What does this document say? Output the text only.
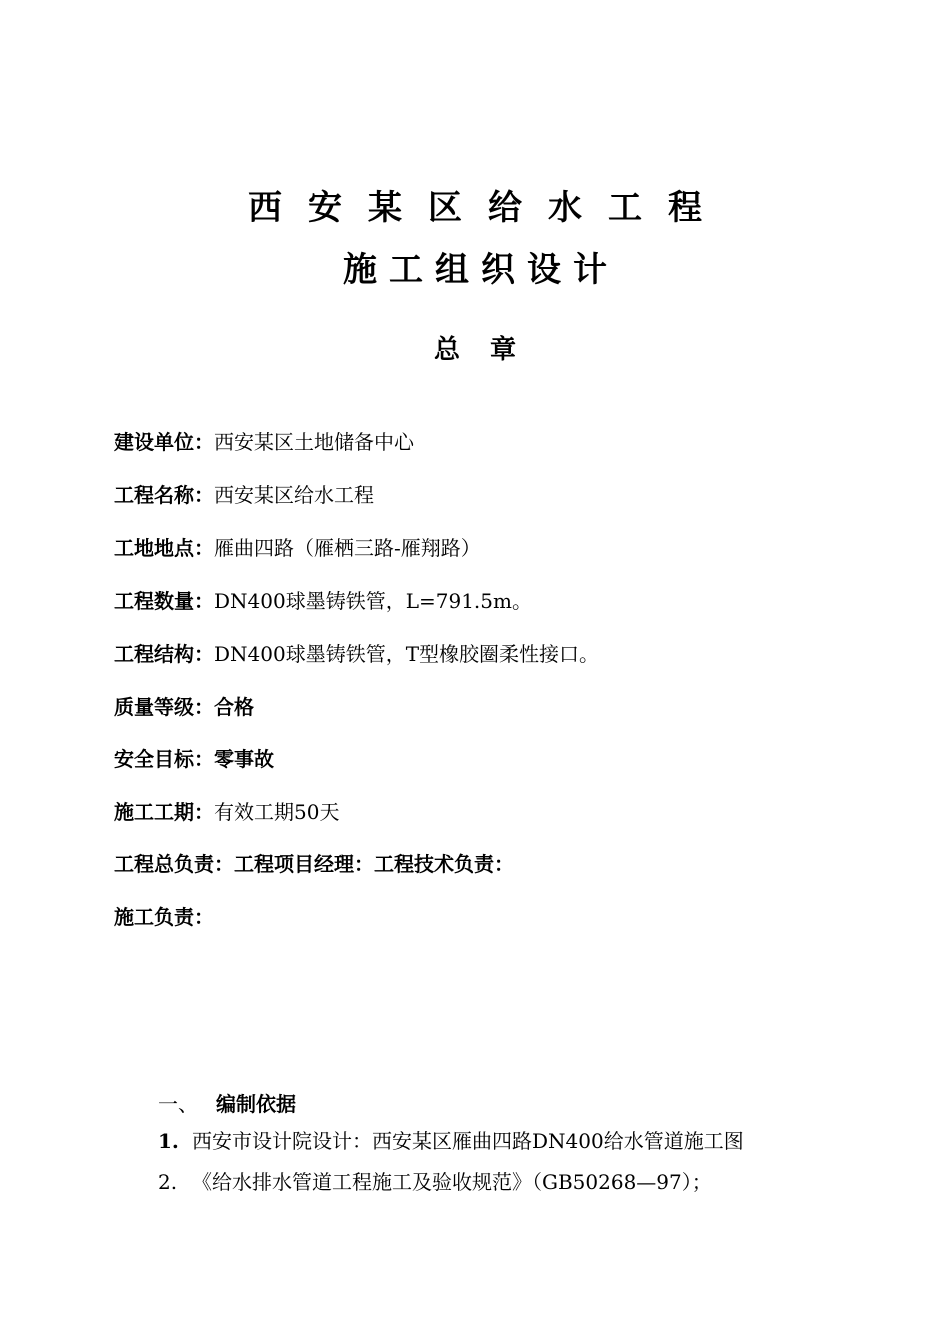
西安某区给水工程
施工组织设计
总章
建设单位：西安某区土地储备中心
工程名称：西安某区给水工程
工地地点：雁曲四路（雁栖三路-雁翔路）
工程数量：DN400球墨铸铁管，L=791.5m。
工程结构：DN400球墨铸铁管，T型橡胶圈柔性接口。
质量等级：合格
安全目标：零事故
施工工期：有效工期50天
工程总负责：工程项目经理：工程技术负责：
施工负责：
一、 编制依据
1. 西安市设计院设计：西安某区雁曲四路DN400给水管道施工图
2. 《给水排水管道工程施工及验收规范》（GB50268—97）；
